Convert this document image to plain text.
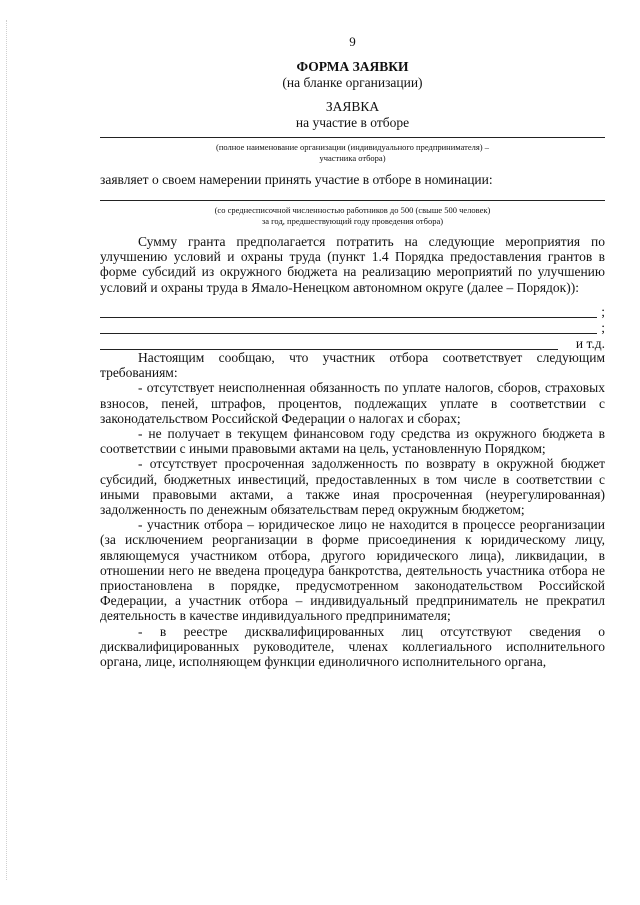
9
ФОРМА ЗАЯВКИ
(на бланке организации)
ЗАЯВКА
на участие в отборе
(полное наименование организации (индивидуального предпринимателя) –
участника отбора)
заявляет о своем намерении принять участие в отборе в номинации:
(со среднесписочной численностью работников до 500 (свыше 500 человек)
за год, предшествующий году проведения отбора)

Сумму гранта предполагается потратить на следующие мероприятия по улучшению условий и охраны труда (пункт 1.4 Порядка предоставления грантов в форме субсидий из окружного бюджета на реализацию мероприятий по улучшению условий и охраны труда в Ямало-Ненецком автономном округе (далее – Порядок)):

;
;
и т.д.

Настоящим сообщаю, что участник отбора соответствует следующим требованиям:

- отсутствует неисполненная обязанность по уплате налогов, сборов, страховых взносов, пеней, штрафов, процентов, подлежащих уплате в соответствии с законодательством Российской Федерации о налогах и сборах;

- не получает в текущем финансовом году средства из окружного бюджета в соответствии с иными правовыми актами на цель, установленную Порядком;

- отсутствует просроченная задолженность по возврату в окружной бюджет субсидий, бюджетных инвестиций, предоставленных в том числе в соответствии с иными правовыми актами, а также иная просроченная (неурегулированная) задолженность по денежным обязательствам перед окружным бюджетом;

- участник отбора – юридическое лицо не находится в процессе реорганизации (за исключением реорганизации в форме присоединения к юридическому лицу, являющемуся участником отбора, другого юридического лица), ликвидации, в отношении него не введена процедура банкротства, деятельность участника отбора не приостановлена в порядке, предусмотренном законодательством Российской Федерации, а участник отбора – индивидуальный предприниматель не прекратил деятельность в качестве индивидуального предпринимателя;

- в реестре дисквалифицированных лиц отсутствуют сведения о дисквалифицированных руководителе, членах коллегиального исполнительного органа, лице, исполняющем функции единоличного исполнительного органа,
